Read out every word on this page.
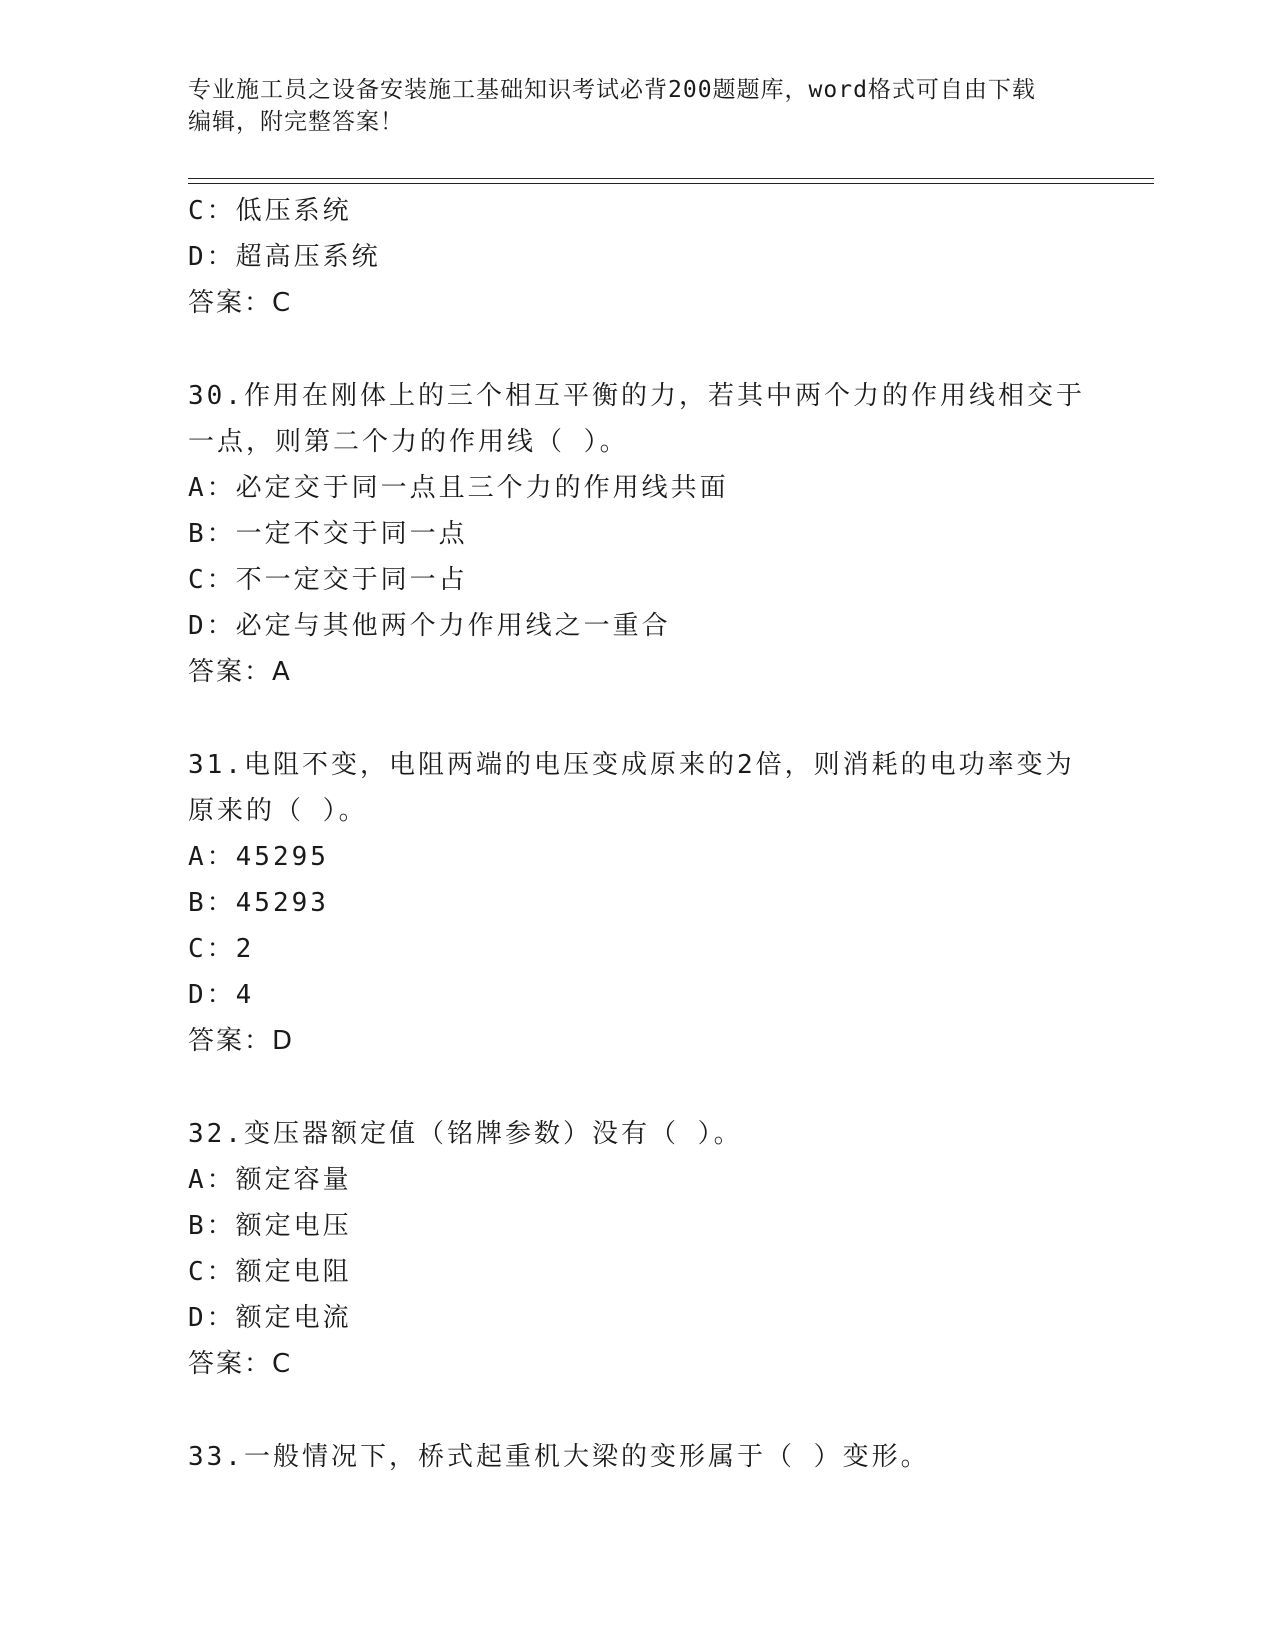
专业施工员之设备安装施工基础知识考试必背200题题库，word格式可自由下载
编辑，附完整答案！
C：低压系统
D：超高压系统
答案：C
30.作用在刚体上的三个相互平衡的力，若其中两个力的作用线相交于
一点，则第二个力的作用线（ ）。
A：必定交于同一点且三个力的作用线共面
B：一定不交于同一点
C：不一定交于同一占
D：必定与其他两个力作用线之一重合
答案：A
31.电阻不变，电阻两端的电压变成原来的2倍，则消耗的电功率变为
原来的（ ）。
A：45295
B：45293
C：2
D：4
答案：D
32.变压器额定值（铭牌参数）没有（ ）。
A：额定容量
B：额定电压
C：额定电阻
D：额定电流
答案：C
33.一般情况下，桥式起重机大梁的变形属于（ ）变形。
